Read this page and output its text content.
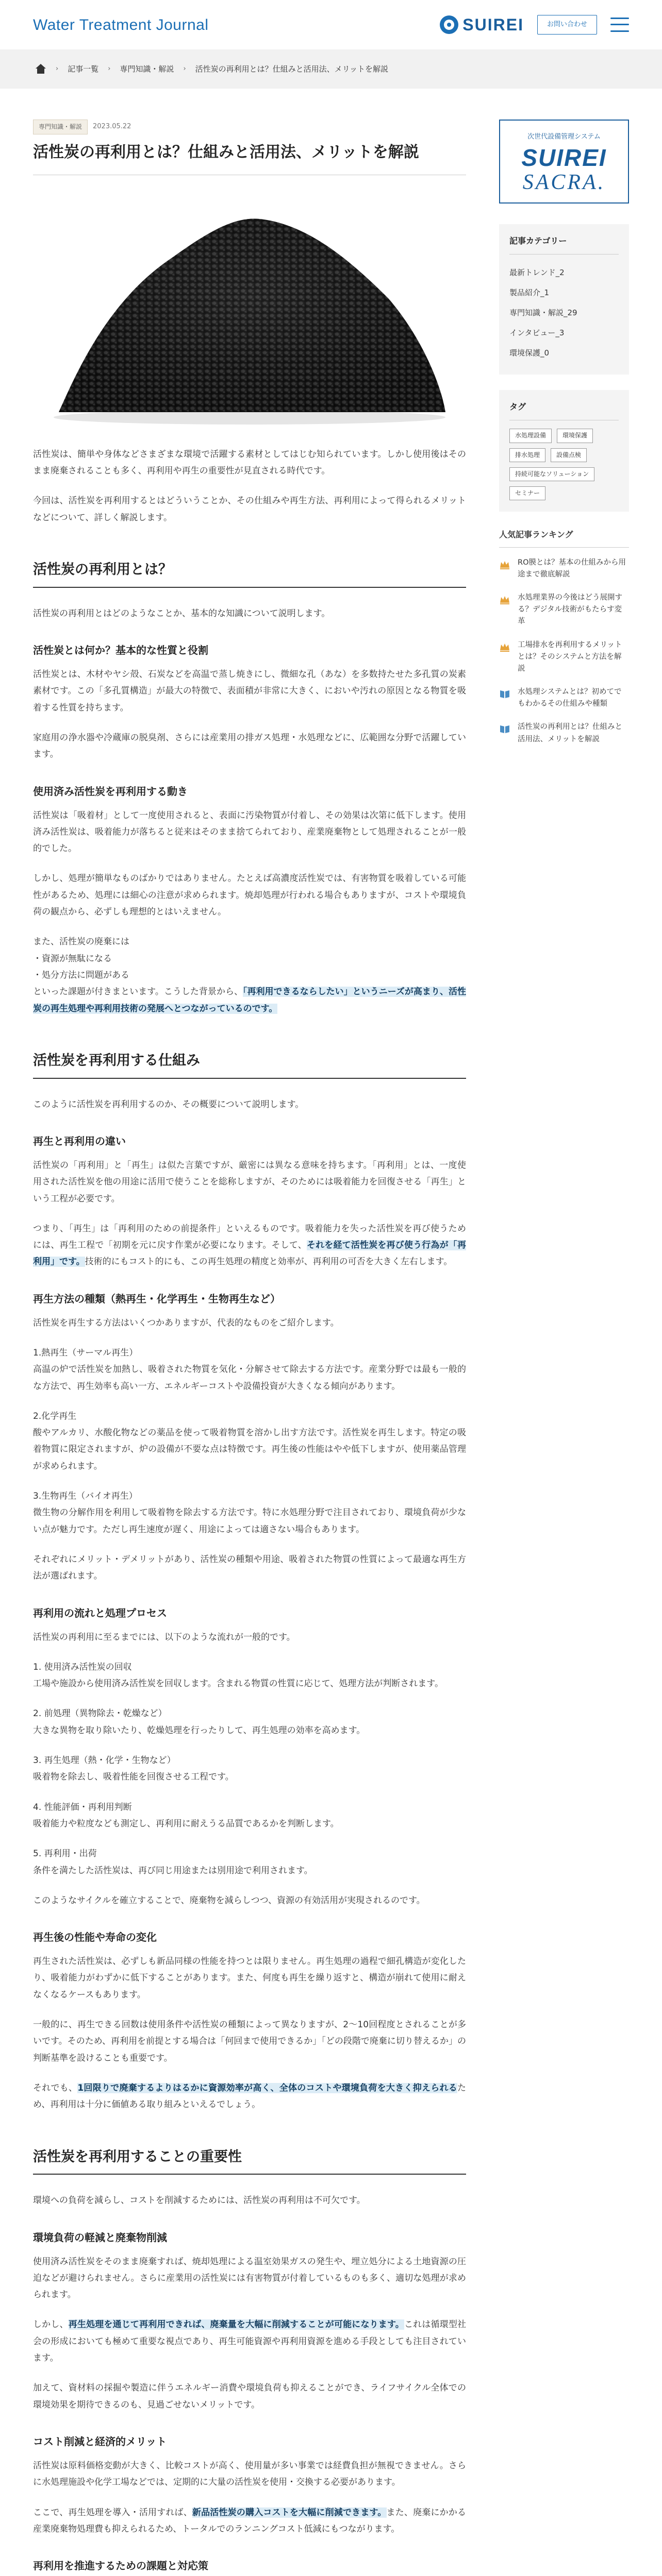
Water Treatment Journal	SUIREI	お問い合わせ
› 記事一覧 › 専門知識・解説 › 活性炭の再利用とは？仕組みと活用法、メリットを解説
専門知識・解説	2023.05.22
活性炭の再利用とは？仕組みと活用法、メリットを解説

活性炭は、簡単や身体などさまざまな環境で活躍する素材としてはじむ知られています。しかし使用後はそのまま廃棄されることも多く、再利用や再生の重要性が見直される時代です。

今回は、活性炭を再利用するとはどういうことか、その仕組みや再生方法、再利用によって得られるメリットなどについて、詳しく解説します。

活性炭の再利用とは？

活性炭の再利用とはどのようなことか、基本的な知識について説明します。

活性炭とは何か？基本的な性質と役割

活性炭とは、木材やヤシ殻、石炭などを高温で蒸し焼きにし、微細な孔（あな）を多数持たせた多孔質の炭素素材です。この「多孔質構造」が最大の特徴で、表面積が非常に大きく、においや汚れの原因となる物質を吸着する性質を持ちます。

家庭用の浄水器や冷蔵庫の脱臭剤、さらには産業用の排ガス処理・水処理などに、広範囲な分野で活躍しています。

使用済み活性炭を再利用する動き

活性炭は「吸着材」として一度使用されると、表面に汚染物質が付着し、その効果は次第に低下します。使用済み活性炭は、吸着能力が落ちると従来はそのまま捨てられており、産業廃棄物として処理されることが一般的でした。

しかし、処理が簡単なものばかりではありません。たとえば高濃度活性炭では、有害物質を吸着している可能性があるため、処理には細心の注意が求められます。焼却処理が行われる場合もありますが、コストや環境負荷の観点から、必ずしも理想的とはいえません。

また、活性炭の廃棄には
・資源が無駄になる
・処分方法に問題がある
といった課題が付きまといます。こうした背景から、「再利用できるならしたい」というニーズが高まり、活性炭の再生処理や再利用技術の発展へとつながっているのです。

活性炭を再利用する仕組み

このように活性炭を再利用するのか、その概要について説明します。

再生と再利用の違い

活性炭の「再利用」と「再生」は似た言葉ですが、厳密には異なる意味を持ちます。「再利用」とは、一度使用された活性炭を他の用途に活用で使うことを総称しますが、そのためには吸着能力を回復させる「再生」という工程が必要です。

つまり、「再生」は「再利用のための前提条件」といえるものです。吸着能力を失った活性炭を再び使うためには、再生工程で「初期を元に戻す作業が必要になります。そして、それを経て活性炭を再び使う行為が「再利用」です。技術的にもコスト的にも、この再生処理の精度と効率が、再利用の可否を大きく左右します。

再生方法の種類（熱再生・化学再生・生物再生など）

活性炭を再生する方法はいくつかありますが、代表的なものをご紹介します。

1.熱再生（サーマル再生）
高温の炉で活性炭を加熱し、吸着された物質を気化・分解させて除去する方法です。産業分野では最も一般的な方法で、再生効率も高い一方、エネルギーコストや設備投資が大きくなる傾向があります。

2.化学再生
酸やアルカリ、水酸化物などの薬品を使って吸着物質を溶かし出す方法です。活性炭を再生します。特定の吸着物質に限定されますが、炉の設備が不要な点は特徴です。再生後の性能はやや低下しますが、使用薬品管理が求められます。

3.生物再生（バイオ再生）
微生物の分解作用を利用して吸着物を除去する方法です。特に水処理分野で注目されており、環境負荷が少ない点が魅力です。ただし再生速度が遅く、用途によっては適さない場合もあります。

それぞれにメリット・デメリットがあり、活性炭の種類や用途、吸着された物質の性質によって最適な再生方法が選ばれます。

再利用の流れと処理プロセス

活性炭の再利用に至るまでには、以下のような流れが一般的です。

1. 使用済み活性炭の回収
工場や施設から使用済み活性炭を回収します。含まれる物質の性質に応じて、処理方法が判断されます。

2. 前処理（異物除去・乾燥など）
大きな異物を取り除いたり、乾燥処理を行ったりして、再生処理の効率を高めます。

3. 再生処理（熱・化学・生物など）
吸着物を除去し、吸着性能を回復させる工程です。

4. 性能評価・再利用判断
吸着能力や粒度なども測定し、再利用に耐えうる品質であるかを判断します。

5. 再利用・出荷
条件を満たした活性炭は、再び同じ用途または別用途で利用されます。

このようなサイクルを確立することで、廃棄物を減らしつつ、資源の有効活用が実現されるのです。

再生後の性能や寿命の変化

再生された活性炭は、必ずしも新品同様の性能を持つとは限りません。再生処理の過程で細孔構造が変化したり、吸着能力がわずかに低下することがあります。また、何度も再生を繰り返すと、構造が崩れて使用に耐えなくなるケースもあります。

一般的に、再生できる回数は使用条件や活性炭の種類によって異なりますが、2〜10回程度とされることが多いです。そのため、再利用を前提とする場合は「何回まで使用できるか」「どの段階で廃棄に切り替えるか」の判断基準を設けることも重要です。

それでも、1回限りで廃棄するよりはるかに資源効率が高く、全体のコストや環境負荷を大きく抑えられるため、再利用は十分に価値ある取り組みといえるでしょう。

活性炭を再利用することの重要性

環境への負荷を減らし、コストを削減するためには、活性炭の再利用は不可欠です。

環境負荷の軽減と廃棄物削減

使用済み活性炭をそのまま廃棄すれば、焼却処理による温室効果ガスの発生や、埋立処分による土地資源の圧迫などが避けられません。さらに産業用の活性炭には有害物質が付着しているものも多く、適切な処理が求められます。

しかし、再生処理を通じて再利用できれば、廃棄量を大幅に削減することが可能になります。これは循環型社会の形成においても極めて重要な視点であり、再生可能資源や再利用資源を進める手段としても注目されています。

加えて、資材料の採掘や製造に伴うエネルギー消費や環境負荷も抑えることができ、ライフサイクル全体での環境効果を期待できるのも、見過ごせないメリットです。

コスト削減と経済的メリット

活性炭は原料価格変動が大きく、比較コストが高く、使用量が多い事業では経費負担が無視できません。さらに水処理施設や化学工場などでは、定期的に大量の活性炭を使用・交換する必要があります。

ここで、再生処理を導入・活用すれば、新品活性炭の購入コストを大幅に削減できます。また、廃棄にかかる産業廃棄物処理費も抑えられるため、トータルでのランニングコスト低減にもつながります。

再利用を推進するための課題と対応策

次世代設備管理システム
SUIREI
SACRA.
記事カテゴリー
最新トレンド_2
製品紹介_1
専門知識・解説_29
インタビュー_3
環境保護_0
タグ
水処理設備	環境保護
排水処理	設備点検
持続可能なソリューション
セミナー
人気記事ランキング
RO膜とは？基本の仕組みから用途まで徹底解説
水処理業界の今後はどう展開する？デジタル技術がもたらす変革
工場排水を再利用するメリットとは？そのシステムと方法を解説
水処理システムとは？初めてでもわかるその仕組みや種類
活性炭の再利用とは？仕組みと活用法、メリットを解説
